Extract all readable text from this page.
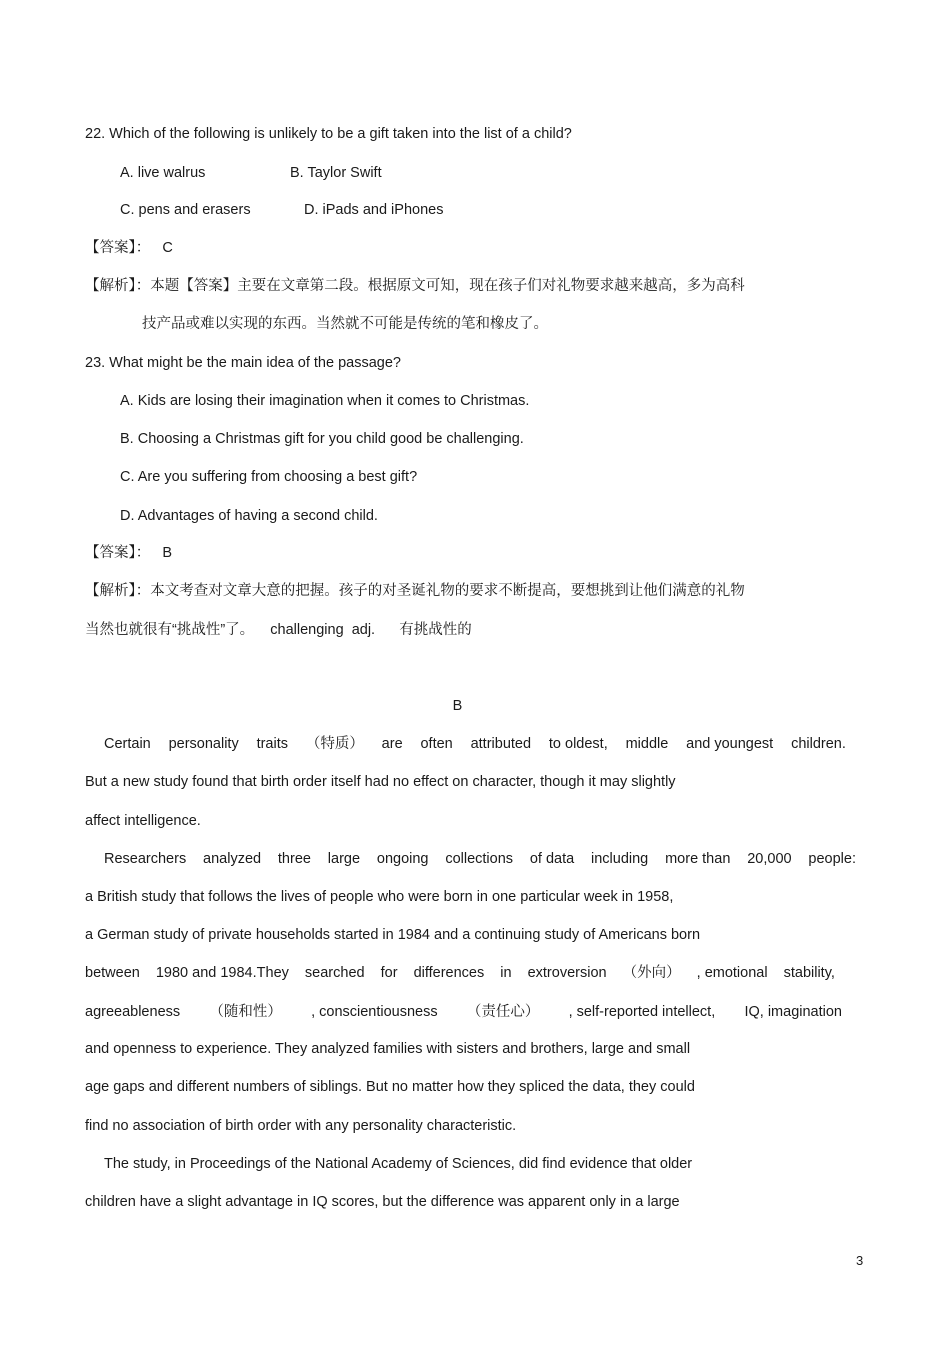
22. Which of the following is unlikely to be a gift taken into the list of a child?
A. live walrus	B. Taylor Swift
C. pens and erasers	D. iPads and iPhones
【答案】：   C
【解析】：本题【答案】主要在文章第二段。根据原文可知，现在孩子们对礼物要求越来越高，多为高科
技产品或难以实现的东西。当然就不可能是传统的笔和橡皮了。
23. What might be the main idea of the passage?
A. Kids are losing their imagination when it comes to Christmas.
B. Choosing a Christmas gift for you child good be challenging.
C. Are you suffering from choosing a best gift?
D. Advantages of having a second child.
【答案】：   B
【解析】：本文考查对文章大意的把握。孩子的对圣诞礼物的要求不断提高，要想挑到让他们满意的礼物
当然也就很有“挑战性”了。    challenging  adj.      有挑战性的
B
Certain personality traits （特质） are often attributed to oldest, middle and youngest children.
But a new study found that birth order itself had no effect on character, though it may slightly
affect intelligence.
Researchers analyzed three large ongoing collections of data including more than 20,000 people:
a British study that follows the lives of people who were born in one particular week in 1958,
a German study of private households started in 1984 and a continuing study of Americans born
between 1980 and 1984.They searched for differences in extroversion （外向） , emotional stability,
agreeableness （随和性） , conscientiousness （责任心） , self-reported intellect, IQ, imagination
and openness to experience. They analyzed families with sisters and brothers, large and small
age gaps and different numbers of siblings. But no matter how they spliced the data, they could
find no association of birth order with any personality characteristic.
The study, in Proceedings of the National Academy of Sciences, did find evidence that older
children have a slight advantage in IQ scores, but the difference was apparent only in a large
3
